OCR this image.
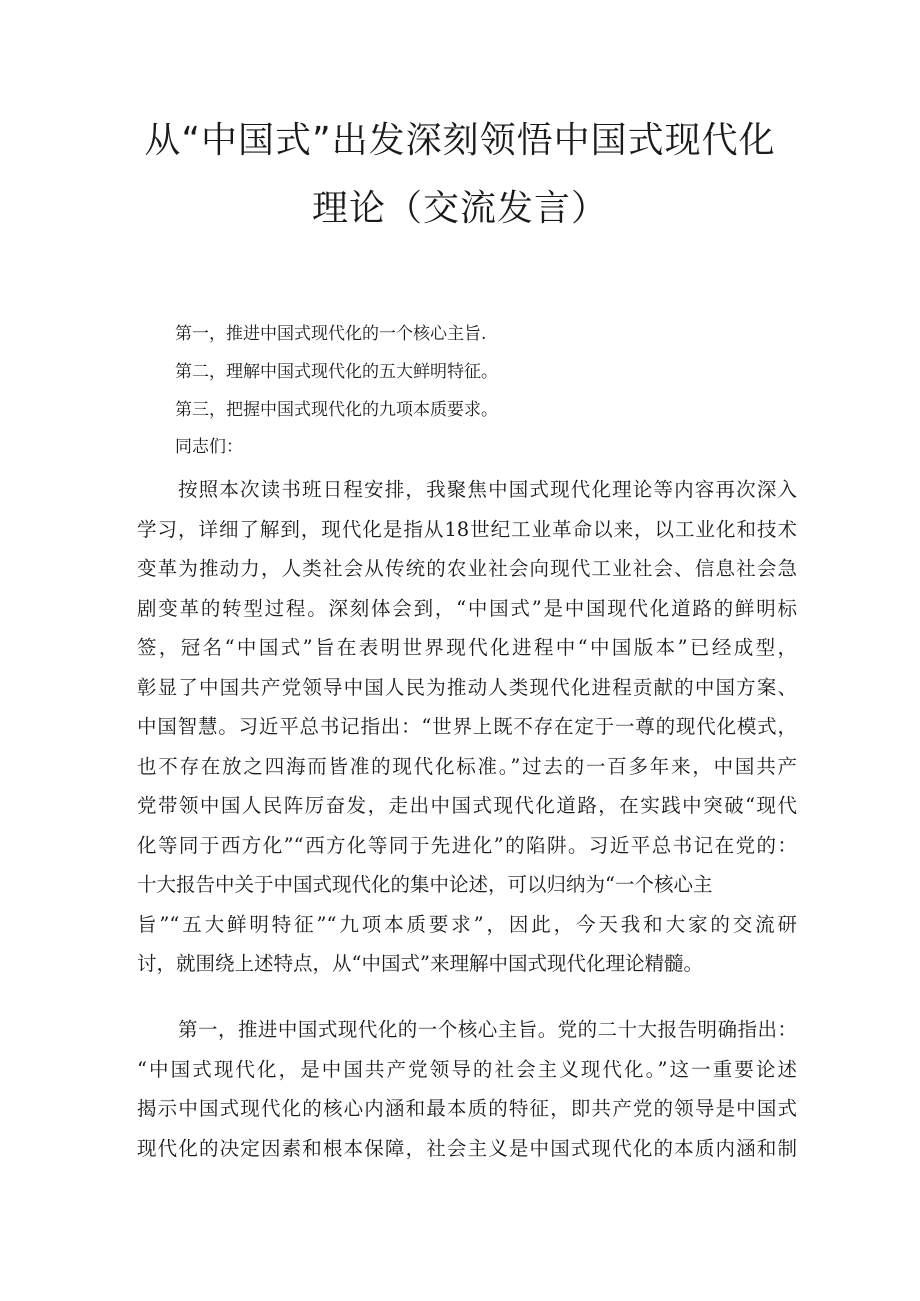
从“中国式”出发深刻领悟中国式现代化
理论（交流发言）
第一，推进中国式现代化的一个核心主旨.
第二，理解中国式现代化的五大鲜明特征。
第三，把握中国式现代化的九项本质要求。
同志们：
按照本次读书班日程安排，我聚焦中国式现代化理论等内容再次深入
学习，详细了解到，现代化是指从18世纪工业革命以来，以工业化和技术
变革为推动力，人类社会从传统的农业社会向现代工业社会、信息社会急
剧变革的转型过程。深刻体会到，“中国式”是中国现代化道路的鲜明标
签，冠名“中国式”旨在表明世界现代化进程中“中国版本”已经成型，
彰显了中国共产党领导中国人民为推动人类现代化进程贡献的中国方案、
中国智慧。习近平总书记指出：“世界上既不存在定于一尊的现代化模式，
也不存在放之四海而皆准的现代化标准。”过去的一百多年来，中国共产
党带领中国人民阵厉奋发，走出中国式现代化道路，在实践中突破“现代
化等同于西方化”“西方化等同于先进化”的陷阱。习近平总书记在党的：
十大报告中关于中国式现代化的集中论述，可以归纳为“一个核心主
旨”“五大鲜明特征”“九项本质要求”，因此，今天我和大家的交流研
讨，就围绕上述特点，从“中国式”来理解中国式现代化理论精髓。
第一，推进中国式现代化的一个核心主旨。党的二十大报告明确指出：
“中国式现代化，是中国共产党领导的社会主义现代化。”这一重要论述
揭示中国式现代化的核心内涵和最本质的特征，即共产党的领导是中国式
现代化的决定因素和根本保障，社会主义是中国式现代化的本质内涵和制
